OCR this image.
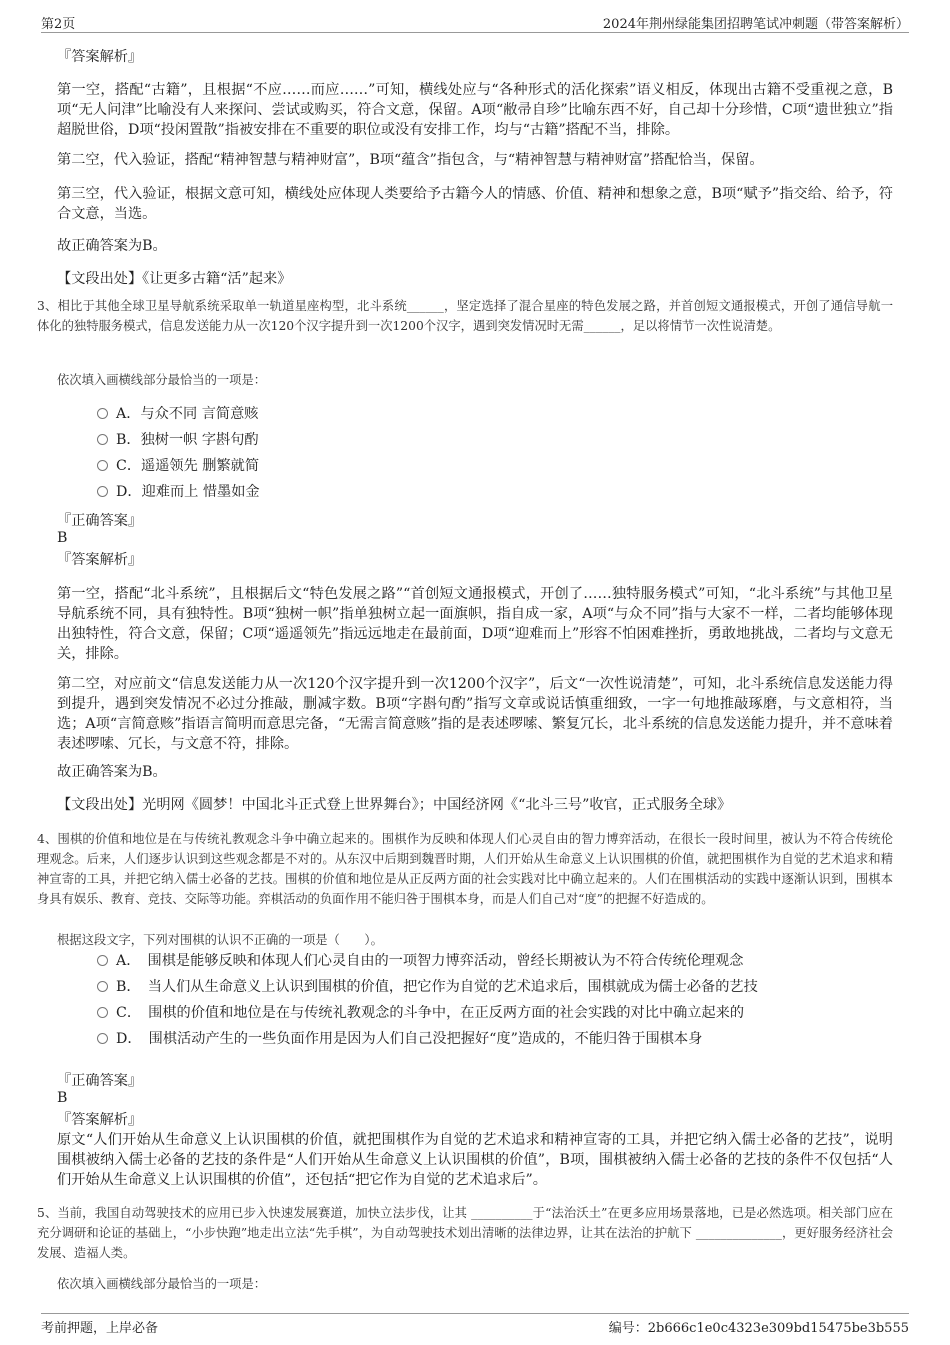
第2页	2024年荆州绿能集团招聘笔试冲刺题（带答案解析）
『答案解析』
第一空，搭配“古籍”，且根据“不应……而应……”可知，横线处应与“各种形式的活化探索”语义相反，体现出古籍不受重视之意，B项“无人问津”比喻没有人来探问、尝试或购买，符合文意，保留。A项“敝帚自珍”比喻东西不好，自己却十分珍惜，C项“遗世独立”指超脱世俗，D项“投闲置散”指被安排在不重要的职位或没有安排工作，均与“古籍”搭配不当，排除。
第二空，代入验证，搭配“精神智慧与精神财富”，B项“蕴含”指包含，与“精神智慧与精神财富”搭配恰当，保留。
第三空，代入验证，根据文意可知，横线处应体现人类要给予古籍今人的情感、价值、精神和想象之意，B项“赋予”指交给、给予，符合文意，当选。
故正确答案为B。
【文段出处】《让更多古籍“活”起来》
3、相比于其他全球卫星导航系统采取单一轨道星座构型，北斗系统______，坚定选择了混合星座的特色发展之路，并首创短文通报模式，开创了通信导航一体化的独特服务模式，信息发送能力从一次120个汉字提升到一次1200个汉字，遇到突发情况时无需______，足以将情节一次性说清楚。
依次填入画横线部分最恰当的一项是：
A．与众不同 言简意赅
B．独树一帜 字斟句酌
C．遥遥领先 删繁就简
D．迎难而上 惜墨如金
『正确答案』
B
『答案解析』
第一空，搭配“北斗系统”，且根据后文“特色发展之路”“首创短文通报模式，开创了……独特服务模式”可知，“北斗系统”与其他卫星导航系统不同，具有独特性。B项“独树一帜”指单独树立起一面旗帜，指自成一家，A项“与众不同”指与大家不一样，二者均能够体现出独特性，符合文意，保留；C项“遥遥领先”指远远地走在最前面，D项“迎难而上”形容不怕困难挫折，勇敢地挑战，二者均与文意无关，排除。
第二空，对应前文“信息发送能力从一次120个汉字提升到一次1200个汉字”，后文“一次性说清楚”，可知，北斗系统信息发送能力得到提升，遇到突发情况不必过分推敲，删减字数。B项“字斟句酌”指写文章或说话慎重细致，一字一句地推敲琢磨，与文意相符，当选；A项“言简意赅”指语言简明而意思完备，“无需言简意赅”指的是表述啰嗦、繁复冗长，北斗系统的信息发送能力提升，并不意味着表述啰嗦、冗长，与文意不符，排除。
故正确答案为B。
【文段出处】光明网《圆梦！中国北斗正式登上世界舞台》；中国经济网《“北斗三号”收官，正式服务全球》
4、围棋的价值和地位是在与传统礼教观念斗争中确立起来的。围棋作为反映和体现人们心灵自由的智力博弈活动，在很长一段时间里，被认为不符合传统伦理观念。后来，人们逐步认识到这些观念都是不对的。从东汉中后期到魏晋时期，人们开始从生命意义上认识围棋的价值，就把围棋作为自觉的艺术追求和精神宣寄的工具，并把它纳入儒士必备的艺技。围棋的价值和地位是从正反两方面的社会实践对比中确立起来的。人们在围棋活动的实践中逐渐认识到，围棋本身具有娱乐、教育、竞技、交际等功能。弈棋活动的负面作用不能归咎于围棋本身，而是人们自己对“度”的把握不好造成的。
根据这段文字，下列对围棋的认识不正确的一项是（　　）。
A．　围棋是能够反映和体现人们心灵自由的一项智力博弈活动，曾经长期被认为不符合传统伦理观念
B．　当人们从生命意义上认识到围棋的价值，把它作为自觉的艺术追求后，围棋就成为儒士必备的艺技
C．　围棋的价值和地位是在与传统礼教观念的斗争中，在正反两方面的社会实践的对比中确立起来的
D．　围棋活动产生的一些负面作用是因为人们自己没把握好“度”造成的，不能归咎于围棋本身
『正确答案』
B
『答案解析』
原文“人们开始从生命意义上认识围棋的价值，就把围棋作为自觉的艺术追求和精神宣寄的工具，并把它纳入儒士必备的艺技”，说明围棋被纳入儒士必备的艺技的条件是“人们开始从生命意义上认识围棋的价值”，B项，围棋被纳入儒士必备的艺技的条件不仅包括“人们开始从生命意义上认识围棋的价值”，还包括“把它作为自觉的艺术追求后”。
5、当前，我国自动驾驶技术的应用已步入快速发展赛道，加快立法步伐，让其 __________于“法治沃土”在更多应用场景落地，已是必然选项。相关部门应在充分调研和论证的基础上，“小步快跑”地走出立法“先手棋”，为自动驾驶技术划出清晰的法律边界，让其在法治的护航下 ______________，更好服务经济社会发展、造福人类。
依次填入画横线部分最恰当的一项是：
考前押题，上岸必备	编号：2b666c1e0c4323e309bd15475be3b555
